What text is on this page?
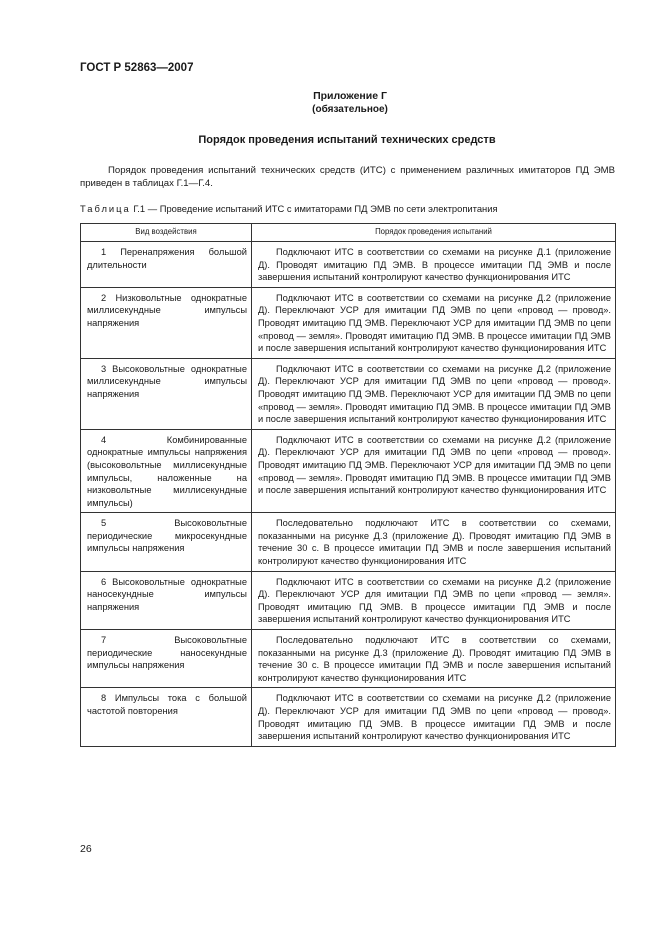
ГОСТ Р 52863—2007
Приложение Г
(обязательное)
Порядок проведения испытаний технических средств
Порядок проведения испытаний технических средств (ИТС) с применением различных имитаторов ПД ЭМВ приведен в таблицах Г.1—Г.4.
Таблица Г.1 — Проведение испытаний ИТС с имитаторами ПД ЭМВ по сети электропитания
Вид воздействия	Порядок проведения испытаний
1 Перенапряжения большой длительности	Подключают ИТС в соответствии со схемами на рисунке Д.1 (приложение Д). Проводят имитацию ПД ЭМВ. В процессе имитации ПД ЭМВ и после завершения испытаний контролируют качество функционирования ИТС
2 Низковольтные однократные миллисекундные импульсы напряжения	Подключают ИТС в соответствии со схемами на рисунке Д.2 (приложение Д). Переключают УСР для имитации ПД ЭМВ по цепи «провод — провод». Проводят имитацию ПД ЭМВ. Переключают УСР для имитации ПД ЭМВ по цепи «провод — земля». Проводят имитацию ПД ЭМВ. В процессе имитации ПД ЭМВ и после завершения испытаний контролируют качество функционирования ИТС
3 Высоковольтные однократные миллисекундные импульсы напряжения	Подключают ИТС в соответствии со схемами на рисунке Д.2 (приложение Д). Переключают УСР для имитации ПД ЭМВ по цепи «провод — провод». Проводят имитацию ПД ЭМВ. Переключают УСР для имитации ПД ЭМВ по цепи «провод — земля». Проводят имитацию ПД ЭМВ. В процессе имитации ПД ЭМВ и после завершения испытаний контролируют качество функционирования ИТС
4 Комбинированные однократные импульсы напряжения (высоковольтные миллисекундные импульсы, наложенные на низковольтные миллисекундные импульсы)	Подключают ИТС в соответствии со схемами на рисунке Д.2 (приложение Д). Переключают УСР для имитации ПД ЭМВ по цепи «провод — провод». Проводят имитацию ПД ЭМВ. Переключают УСР для имитации ПД ЭМВ по цепи «провод — земля». Проводят имитацию ПД ЭМВ. В процессе имитации ПД ЭМВ и после завершения испытаний контролируют качество функционирования ИТС
5 Высоковольтные периодические микросекундные импульсы напряжения	Последовательно подключают ИТС в соответствии со схемами, показанными на рисунке Д.3 (приложение Д). Проводят имитацию ПД ЭМВ в течение 30 с. В процессе имитации ПД ЭМВ и после завершения испытаний контролируют качество функционирования ИТС
6 Высоковольтные однократные наносекундные импульсы напряжения	Подключают ИТС в соответствии со схемами на рисунке Д.2 (приложение Д). Переключают УСР для имитации ПД ЭМВ по цепи «провод — земля». Проводят имитацию ПД ЭМВ. В процессе имитации ПД ЭМВ и после завершения испытаний контролируют качество функционирования ИТС
7 Высоковольтные периодические наносекундные импульсы напряжения	Последовательно подключают ИТС в соответствии со схемами, показанными на рисунке Д.3 (приложение Д). Проводят имитацию ПД ЭМВ в течение 30 с. В процессе имитации ПД ЭМВ и после завершения испытаний контролируют качество функционирования ИТС
8 Импульсы тока с большой частотой повторения	Подключают ИТС в соответствии со схемами на рисунке Д.2 (приложение Д). Переключают УСР для имитации ПД ЭМВ по цепи «провод — провод». Проводят имитацию ПД ЭМВ. В процессе имитации ПД ЭМВ и после завершения испытаний контролируют качество функционирования ИТС
26
